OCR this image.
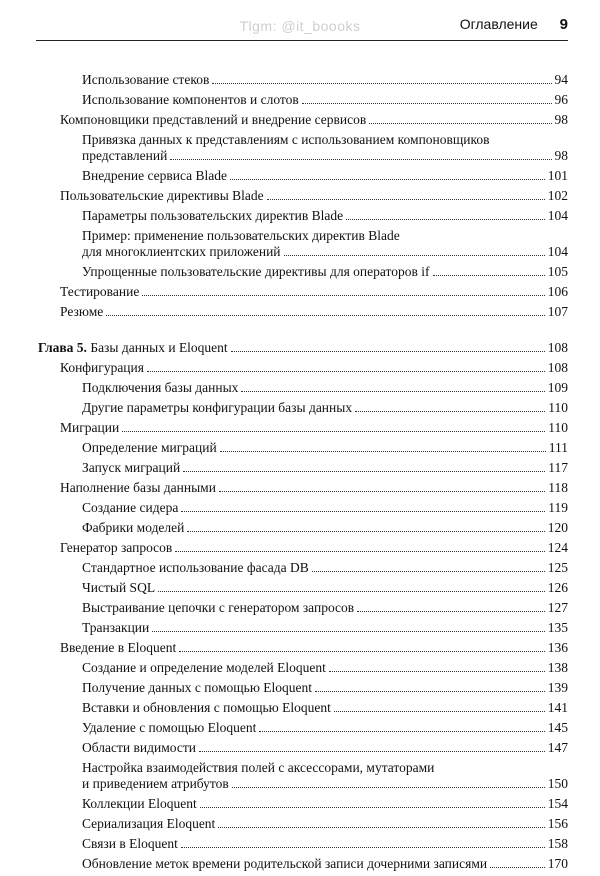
Tlgm: @it_boooks	Оглавление 9
Использование стеков	94
Использование компонентов и слотов	96
Компоновщики представлений и внедрение сервисов	98
Привязка данных к представлениям с использованием компоновщиков
представлений	98
Внедрение сервиса Blade	101
Пользовательские директивы Blade	102
Параметры пользовательских директив Blade	104
Пример: применение пользовательских директив Blade
для многоклиентских приложений	104
Упрощенные пользовательские директивы для операторов if	105
Тестирование	106
Резюме	107
Глава 5. Базы данных и Eloquent	108
Конфигурация	108
Подключения базы данных	109
Другие параметры конфигурации базы данных	110
Миграции	110
Определение миграций	111
Запуск миграций	117
Наполнение базы данными	118
Создание сидера	119
Фабрики моделей	120
Генератор запросов	124
Стандартное использование фасада DB	125
Чистый SQL	126
Выстраивание цепочки с генератором запросов	127
Транзакции	135
Введение в Eloquent	136
Создание и определение моделей Eloquent	138
Получение данных с помощью Eloquent	139
Вставки и обновления с помощью Eloquent	141
Удаление с помощью Eloquent	145
Области видимости	147
Настройка взаимодействия полей с аксессорами, мутаторами
и приведением атрибутов	150
Коллекции Eloquent	154
Сериализация Eloquent	156
Связи в Eloquent	158
Обновление меток времени родительской записи дочерними записями	170
